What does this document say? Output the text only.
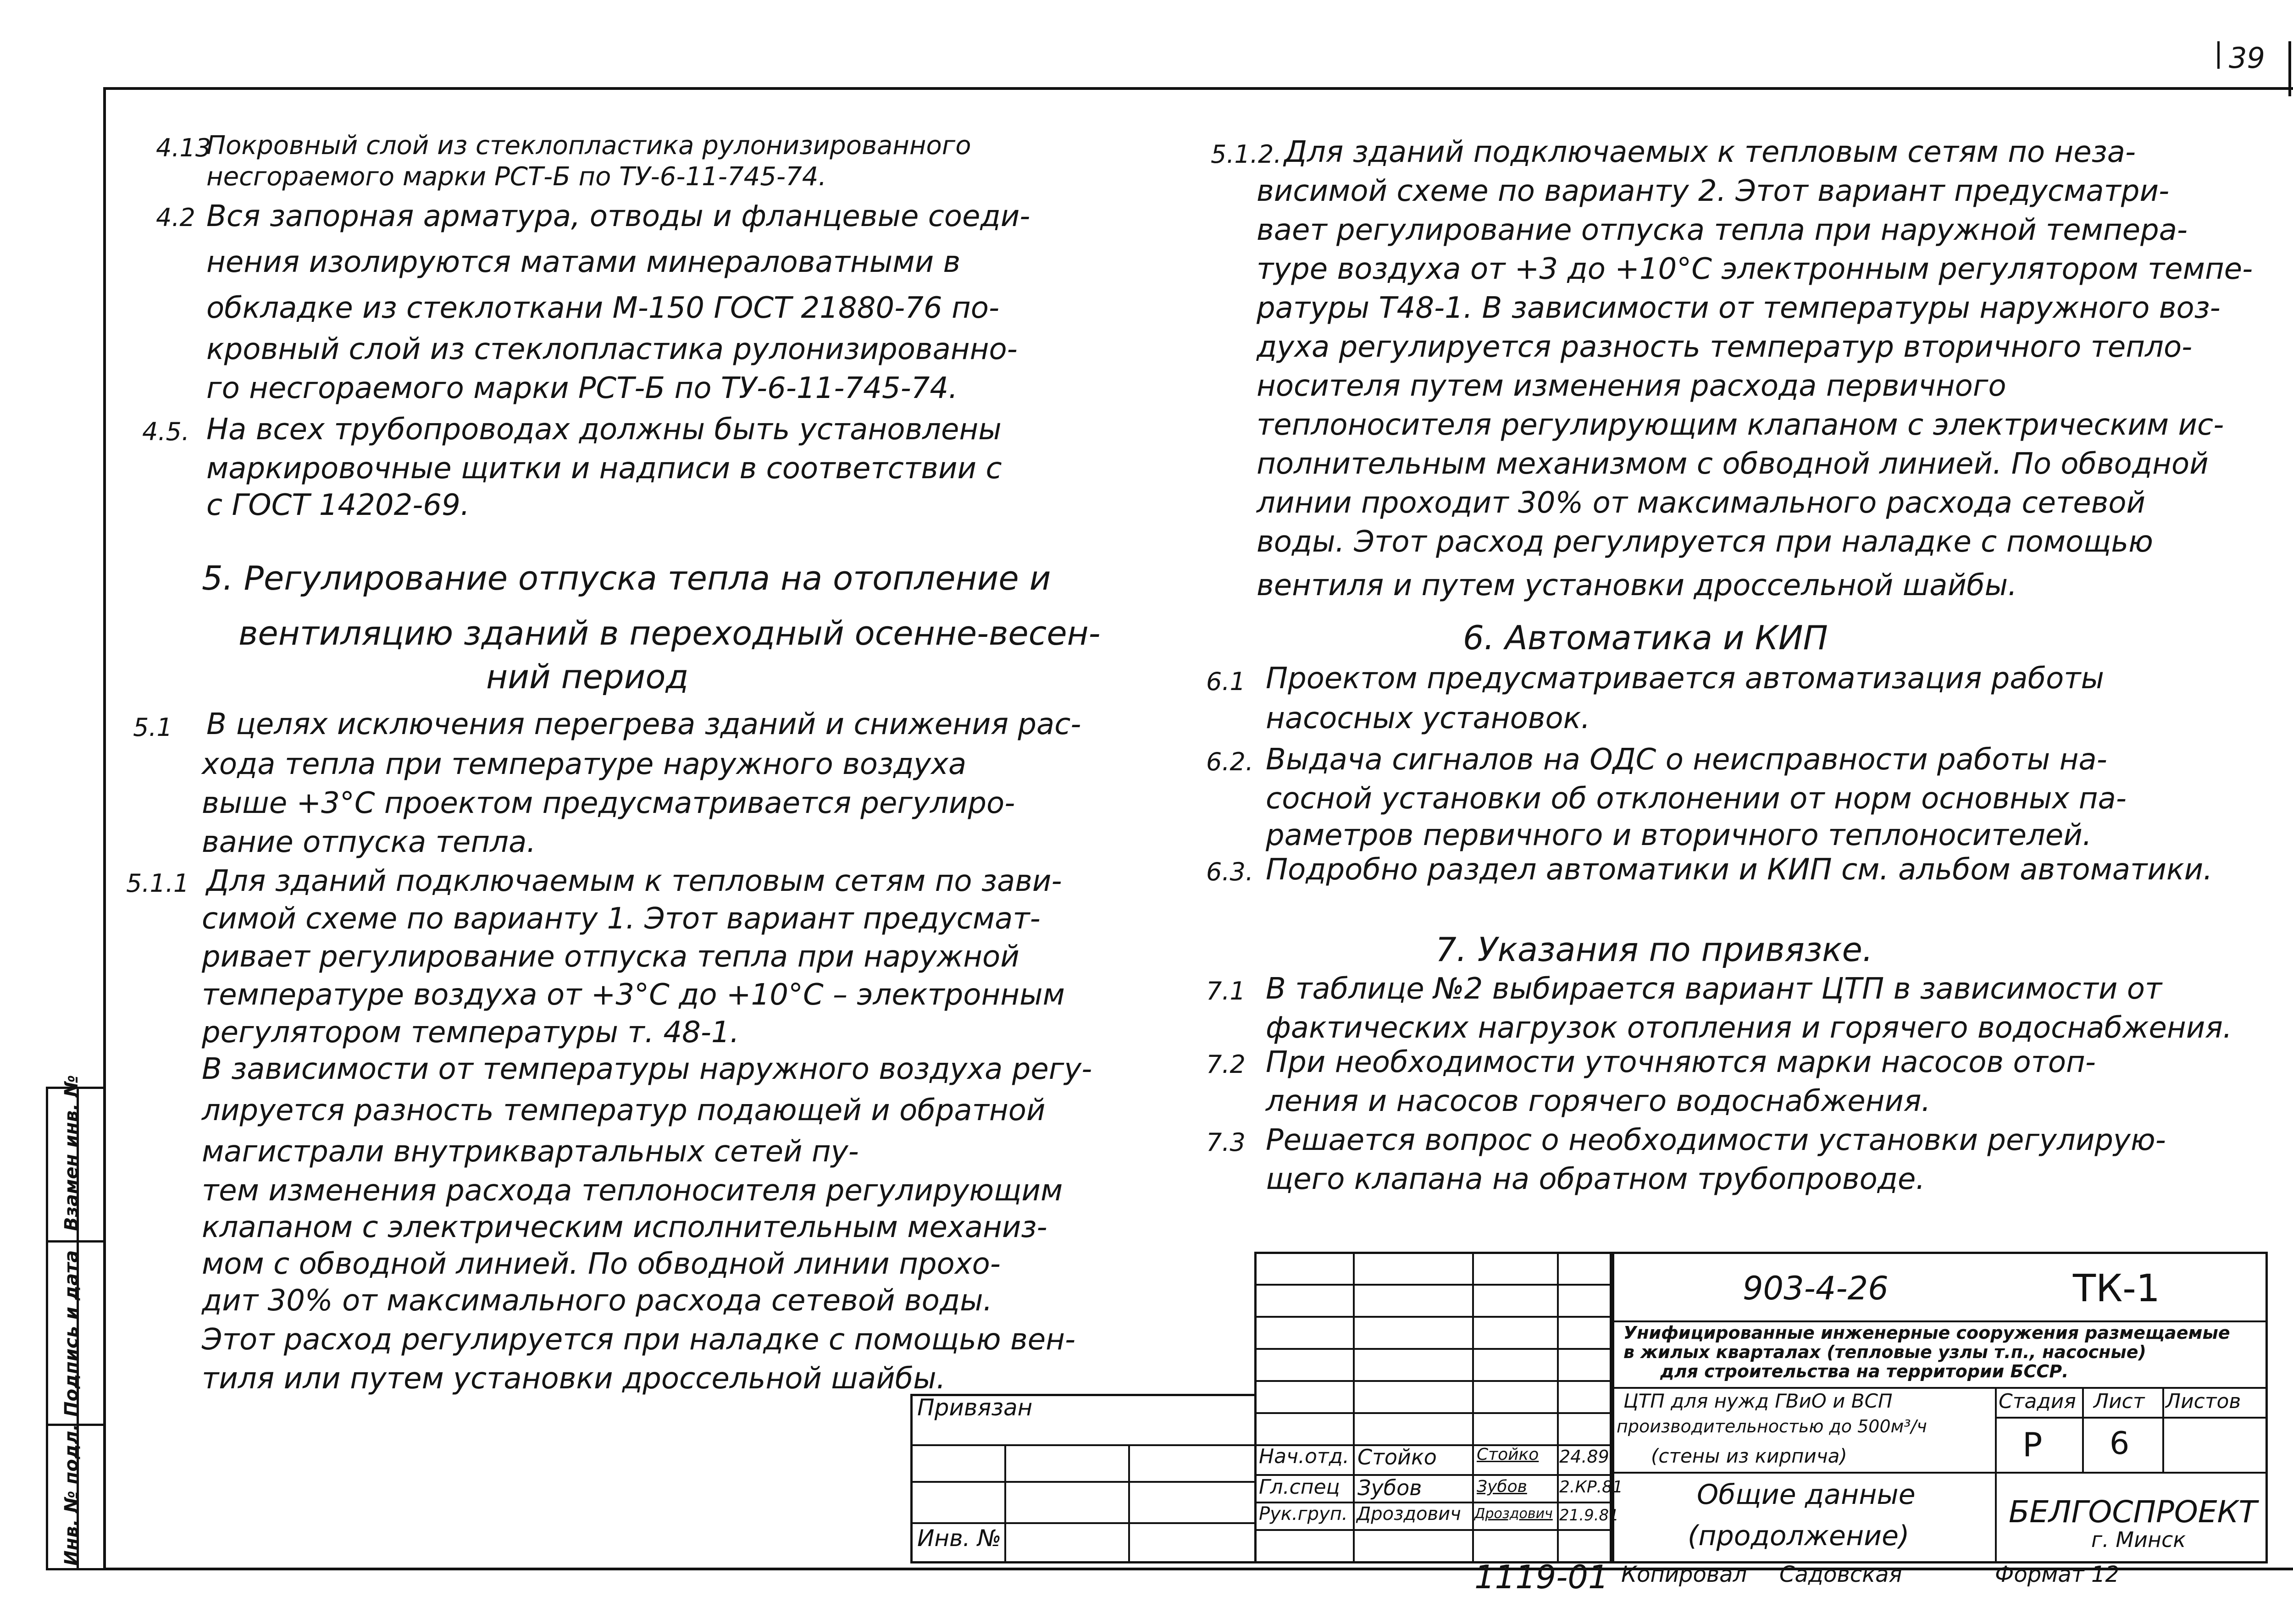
39
4.13
Покровный слой из стеклопластика рулонизированного
несгораемого марки РСТ-Б по ТУ-6-11-745-74.
4.2 Вся запорная арматура, отводы и фланцевые соеди-
нения изолируются матами минераловатными в
обкладке из стеклоткани М-150 ГОСТ 21880-76 по-
кровный слой из стеклопластика рулонизированно-
го несгораемого марки РСТ-Б по ТУ-6-11-745-74.
4.5. На всех трубопроводах должны быть установлены
маркировочные щитки и надписи в соответствии с
с ГОСТ 14202-69.
5. Регулирование отпуска тепла на отопление и
вентиляцию зданий в переходный осенне-весен-
ний период
5.1 В целях исключения перегрева зданий и снижения рас-
хода тепла при температуре наружного воздуха
выше +3°С проектом предусматривается регулиро-
вание отпуска тепла.
5.1.1 Для зданий подключаемым к тепловым сетям по зави-
симой схеме по варианту 1. Этот вариант предусмат-
ривает регулирование отпуска тепла при наружной
температуре воздуха от +3°С до +10°С – электронным
регулятором температуры т. 48-1.
В зависимости от температуры наружного воздуха регу-
лируется разность температур подающей и обратной
магистрали внутриквартальных сетей пу-
тем изменения расхода теплоносителя регулирующим
клапаном с электрическим исполнительным механиз-
мом с обводной линией. По обводной линии прохо-
дит 30% от максимального расхода сетевой воды.
Этот расход регулируется при наладке с помощью вен-
тиля или путем установки дроссельной шайбы.
5.1.2. Для зданий подключаемых к тепловым сетям по неза-
висимой схеме по варианту 2. Этот вариант предусматри-
вает регулирование отпуска тепла при наружной темпера-
туре воздуха от +3 до +10°С электронным регулятором темпе-
ратуры Т48-1. В зависимости от температуры наружного воз-
духа регулируется разность температур вторичного тепло-
носителя путем изменения расхода первичного
теплоносителя регулирующим клапаном с электрическим ис-
полнительным механизмом с обводной линией. По обводной
линии проходит 30% от максимального расхода сетевой
воды. Этот расход регулируется при наладке с помощью
вентиля и путем установки дроссельной шайбы.
6. Автоматика и КИП
6.1 Проектом предусматривается автоматизация работы
насосных установок.
6.2. Выдача сигналов на ОДС о неисправности работы на-
сосной установки об отклонении от норм основных па-
раметров первичного и вторичного теплоносителей.
6.3. Подробно раздел автоматики и КИП см. альбом автоматики.
7. Указания по привязке.
7.1 В таблице №2 выбирается вариант ЦТП в зависимости от
фактических нагрузок отопления и горячего водоснабжения.
7.2 При необходимости уточняются марки насосов отоп-
ления и насосов горячего водоснабжения.
7.3 Решается вопрос о необходимости установки регулирую-
щего клапана на обратном трубопроводе.
Инв. № подл.
Подпись и дата
Взамен инв. №
Привязан
Инв. №
Нач.отд. Стойко Стойко 24.89
Гл.спец Зубов	Зубов 2.КР.81
Рук.груп. Дроздович Дроздович 21.9.81
903-4-26	ТК-1
Унифицированные инженерные сооружения размещаемые
в жилых кварталах (тепловые узлы т.п., насосные)
для строительства на территории БССР.
ЦТП для нужд ГВиО и ВСП
производительностью до 500м³/ч
(стены из кирпича)
Стадия Лист Листов
Р 6
Общие данные
(продолжение)
БЕЛГОСПРОЕКТ
г. Минск
1119-01 Копировал Садовская	Формат 12
